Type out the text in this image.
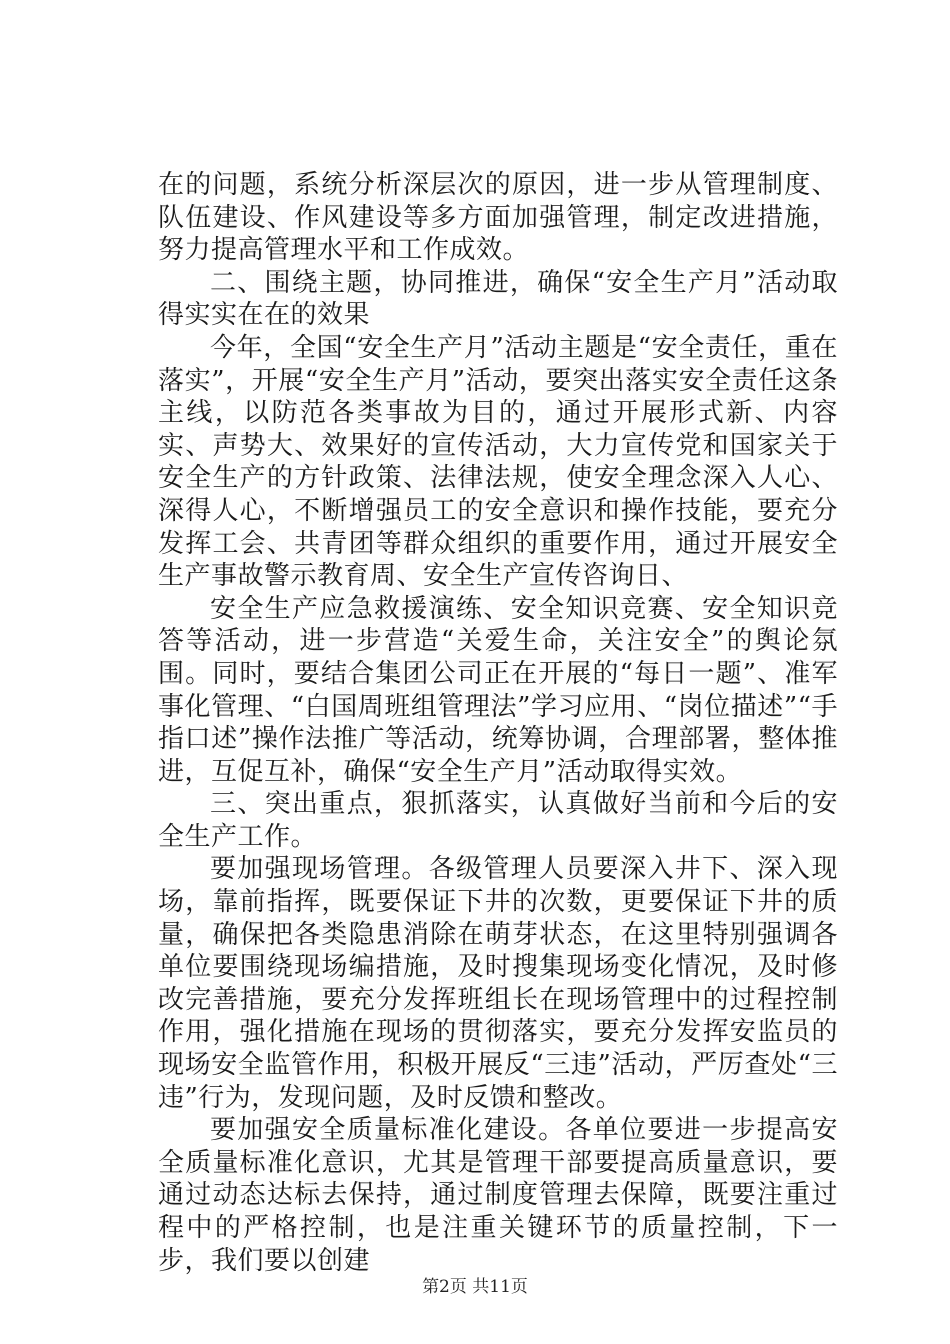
在的问题，系统分析深层次的原因，进一步从管理制度、队伍建设、作风建设等多方面加强管理，制定改进措施，努力提高管理水平和工作成效。

二、围绕主题，协同推进，确保“安全生产月”活动取得实实在在的效果

今年，全国“安全生产月”活动主题是“安全责任，重在落实”，开展“安全生产月”活动，要突出落实安全责任这条主线，以防范各类事故为目的，通过开展形式新、内容实、声势大、效果好的宣传活动，大力宣传党和国家关于安全生产的方针政策、法律法规，使安全理念深入人心、深得人心，不断增强员工的安全意识和操作技能，要充分发挥工会、共青团等群众组织的重要作用，通过开展安全生产事故警示教育周、安全生产宣传咨询日、

安全生产应急救援演练、安全知识竞赛、安全知识竞答等活动，进一步营造“关爱生命，关注安全”的舆论氛围。同时，要结合集团公司正在开展的“每日一题”、准军事化管理、“白国周班组管理法”学习应用、“岗位描述”“手指口述”操作法推广等活动，统筹协调，合理部署，整体推进，互促互补，确保“安全生产月”活动取得实效。

三、突出重点，狠抓落实，认真做好当前和今后的安全生产工作。

要加强现场管理。各级管理人员要深入井下、深入现场，靠前指挥，既要保证下井的次数，更要保证下井的质量，确保把各类隐患消除在萌芽状态，在这里特别强调各单位要围绕现场编措施，及时搜集现场变化情况，及时修改完善措施，要充分发挥班组长在现场管理中的过程控制作用，强化措施在现场的贯彻落实，要充分发挥安监员的现场安全监管作用，积极开展反“三违”活动，严厉查处“三违”行为，发现问题，及时反馈和整改。

要加强安全质量标准化建设。各单位要进一步提高安全质量标准化意识，尤其是管理干部要提高质量意识，要通过动态达标去保持，通过制度管理去保障，既要注重过程中的严格控制，也是注重关键环节的质量控制，下一步，我们要以创建

第2页 共11页
